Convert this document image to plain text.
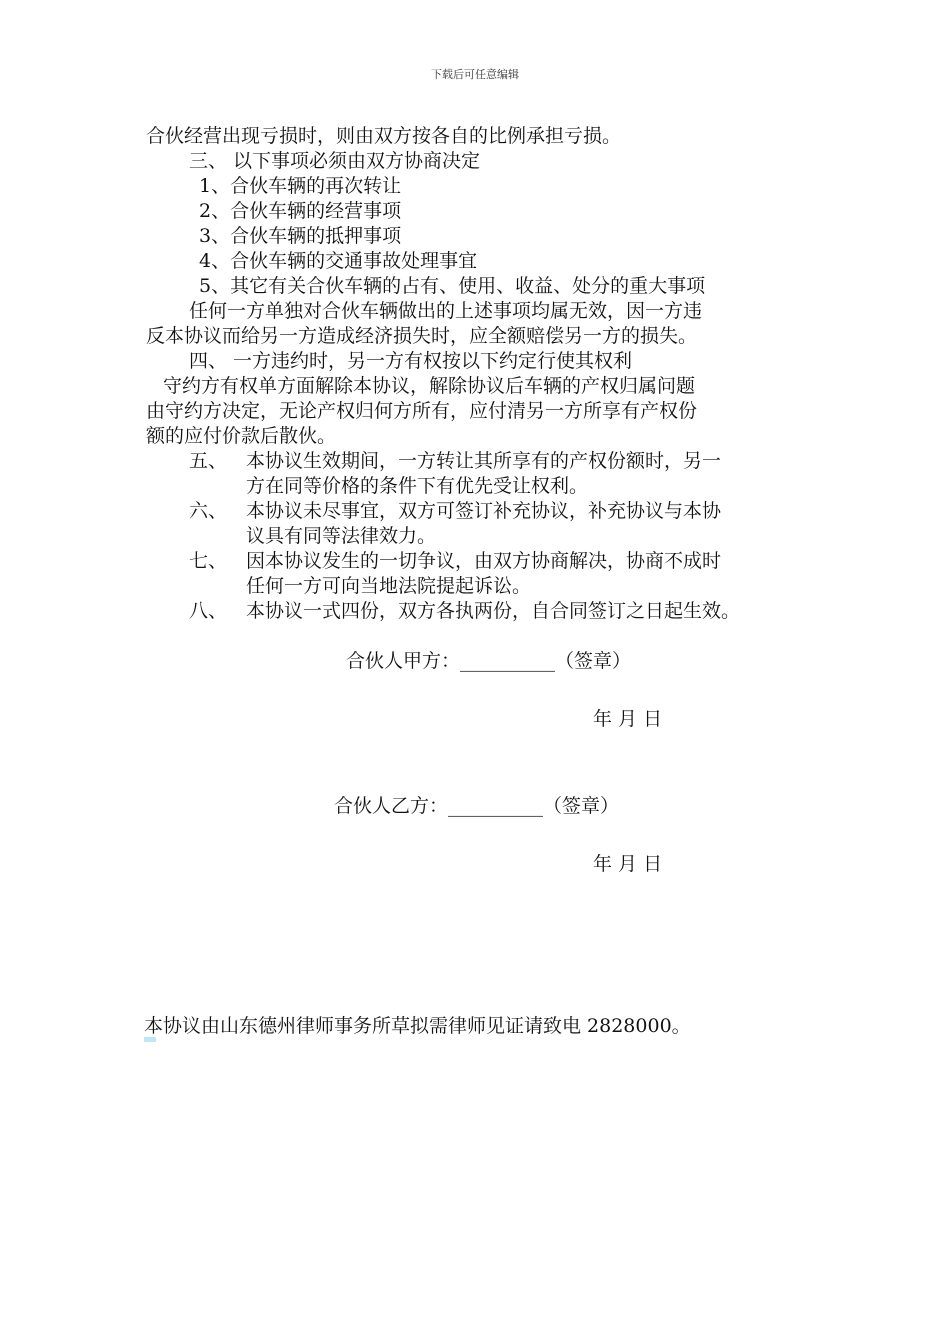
下载后可任意编辑
合伙经营出现亏损时，则由双方按各自的比例承担亏损。
三、 以下事项必须由双方协商决定
1、合伙车辆的再次转让
2、合伙车辆的经营事项
3、合伙车辆的抵押事项
4、合伙车辆的交通事故处理事宜
5、其它有关合伙车辆的占有、使用、收益、处分的重大事项
任何一方单独对合伙车辆做出的上述事项均属无效，因一方违
反本协议而给另一方造成经济损失时，应全额赔偿另一方的损失。
四、 一方违约时，另一方有权按以下约定行使其权利
守约方有权单方面解除本协议，解除协议后车辆的产权归属问题
由守约方决定，无论产权归何方所有，应付清另一方所享有产权份
额的应付价款后散伙。
五、 本协议生效期间，一方转让其所享有的产权份额时，另一
方在同等价格的条件下有优先受让权利。
六、 本协议未尽事宜，双方可签订补充协议，补充协议与本协
议具有同等法律效力。
七、 因本协议发生的一切争议，由双方协商解决，协商不成时
任何一方可向当地法院提起诉讼。
八、 本协议一式四份，双方各执两份，自合同签订之日起生效。
合伙人甲方：__________（签章）
年 月 日
合伙人乙方：__________（签章）
年 月 日
本协议由山东德州律师事务所草拟需律师见证请致电 2828000。
